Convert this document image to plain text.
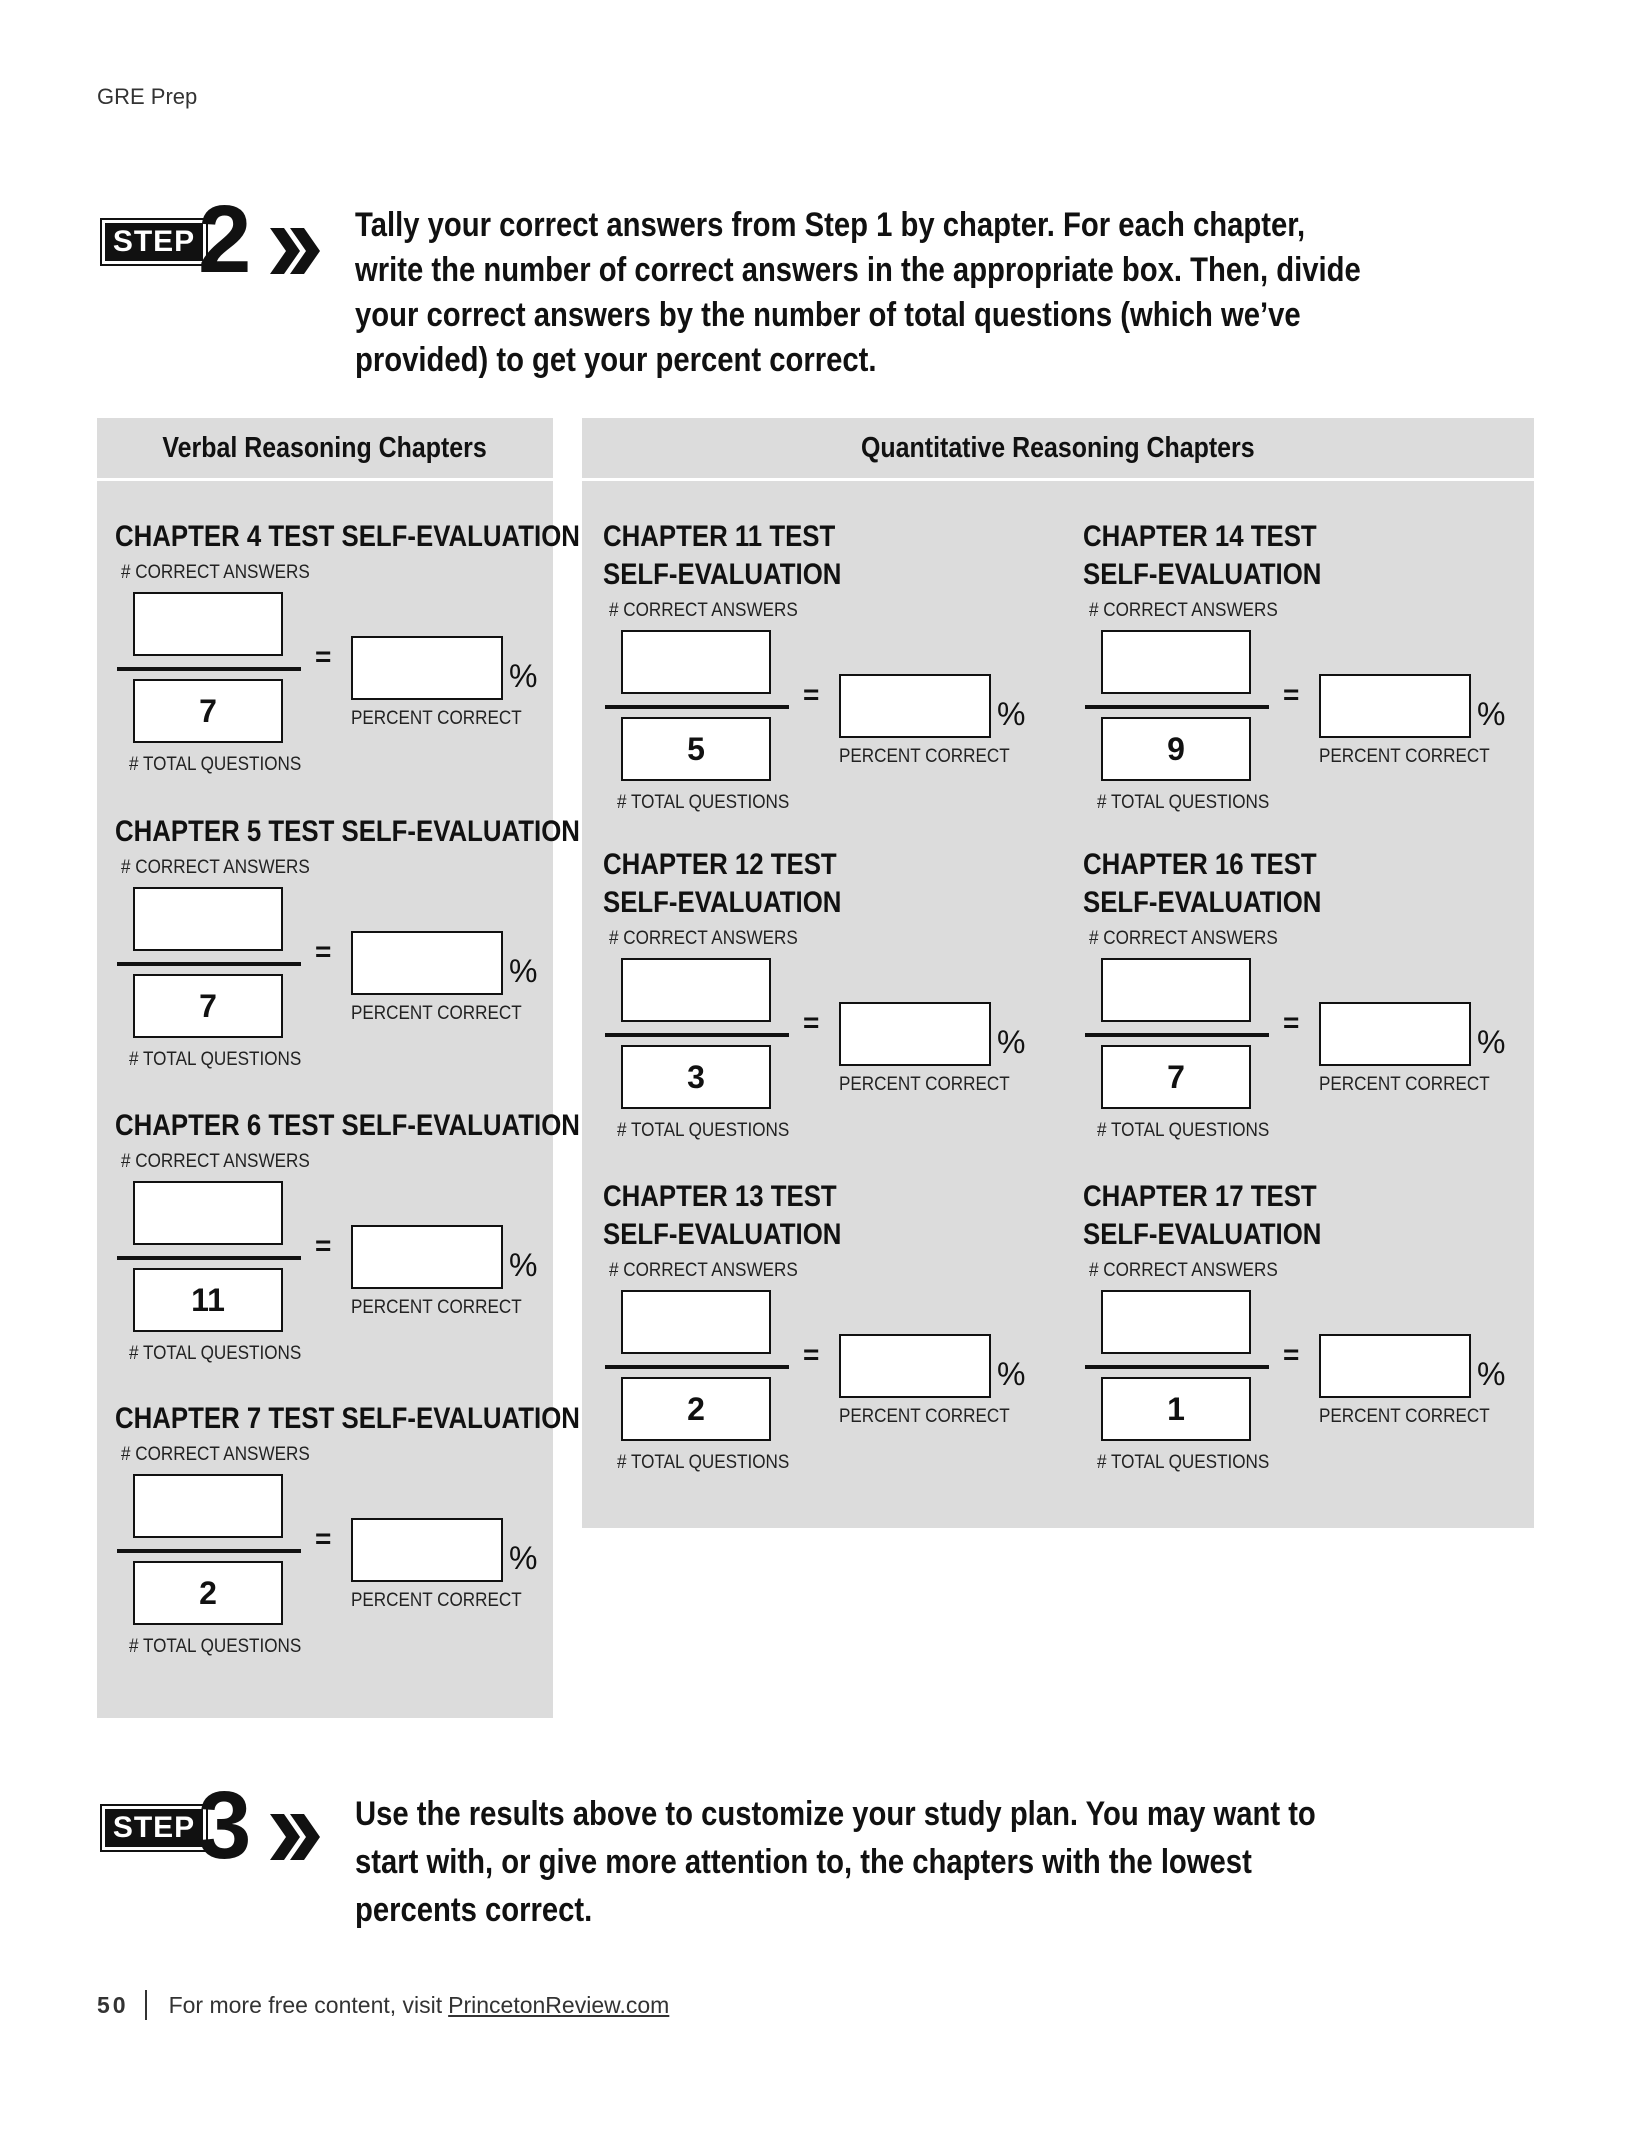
GRE Prep
STEP 2	Tally your correct answers from Step 1 by chapter. For each chapter, write the number of correct answers in the appropriate box. Then, divide your correct answers by the number of total questions (which we’ve provided) to get your percent correct.
Verbal Reasoning Chapters	Quantitative Reasoning Chapters
CHAPTER 4 TEST SELF-EVALUATION
# CORRECT ANSWERS
7
# TOTAL QUESTIONS
=
%
PERCENT CORRECT
CHAPTER 5 TEST SELF-EVALUATION
# CORRECT ANSWERS
7
# TOTAL QUESTIONS
=
%
PERCENT CORRECT
CHAPTER 6 TEST SELF-EVALUATION
# CORRECT ANSWERS
11
# TOTAL QUESTIONS
=
%
PERCENT CORRECT
CHAPTER 7 TEST SELF-EVALUATION
# CORRECT ANSWERS
2
# TOTAL QUESTIONS
=
%
PERCENT CORRECT
CHAPTER 11 TEST
SELF-EVALUATION
# CORRECT ANSWERS
5
# TOTAL QUESTIONS
=
%
PERCENT CORRECT
CHAPTER 14 TEST
SELF-EVALUATION
# CORRECT ANSWERS
9
# TOTAL QUESTIONS
=
%
PERCENT CORRECT
CHAPTER 12 TEST
SELF-EVALUATION
# CORRECT ANSWERS
3
# TOTAL QUESTIONS
=
%
PERCENT CORRECT
CHAPTER 16 TEST
SELF-EVALUATION
# CORRECT ANSWERS
7
# TOTAL QUESTIONS
=
%
PERCENT CORRECT
CHAPTER 13 TEST
SELF-EVALUATION
# CORRECT ANSWERS
2
# TOTAL QUESTIONS
=
%
PERCENT CORRECT
CHAPTER 17 TEST
SELF-EVALUATION
# CORRECT ANSWERS
1
# TOTAL QUESTIONS
=
%
PERCENT CORRECT
STEP 3	Use the results above to customize your study plan. You may want to start with, or give more attention to, the chapters with the lowest percents correct.
50 For more free content, visit PrincetonReview.com
